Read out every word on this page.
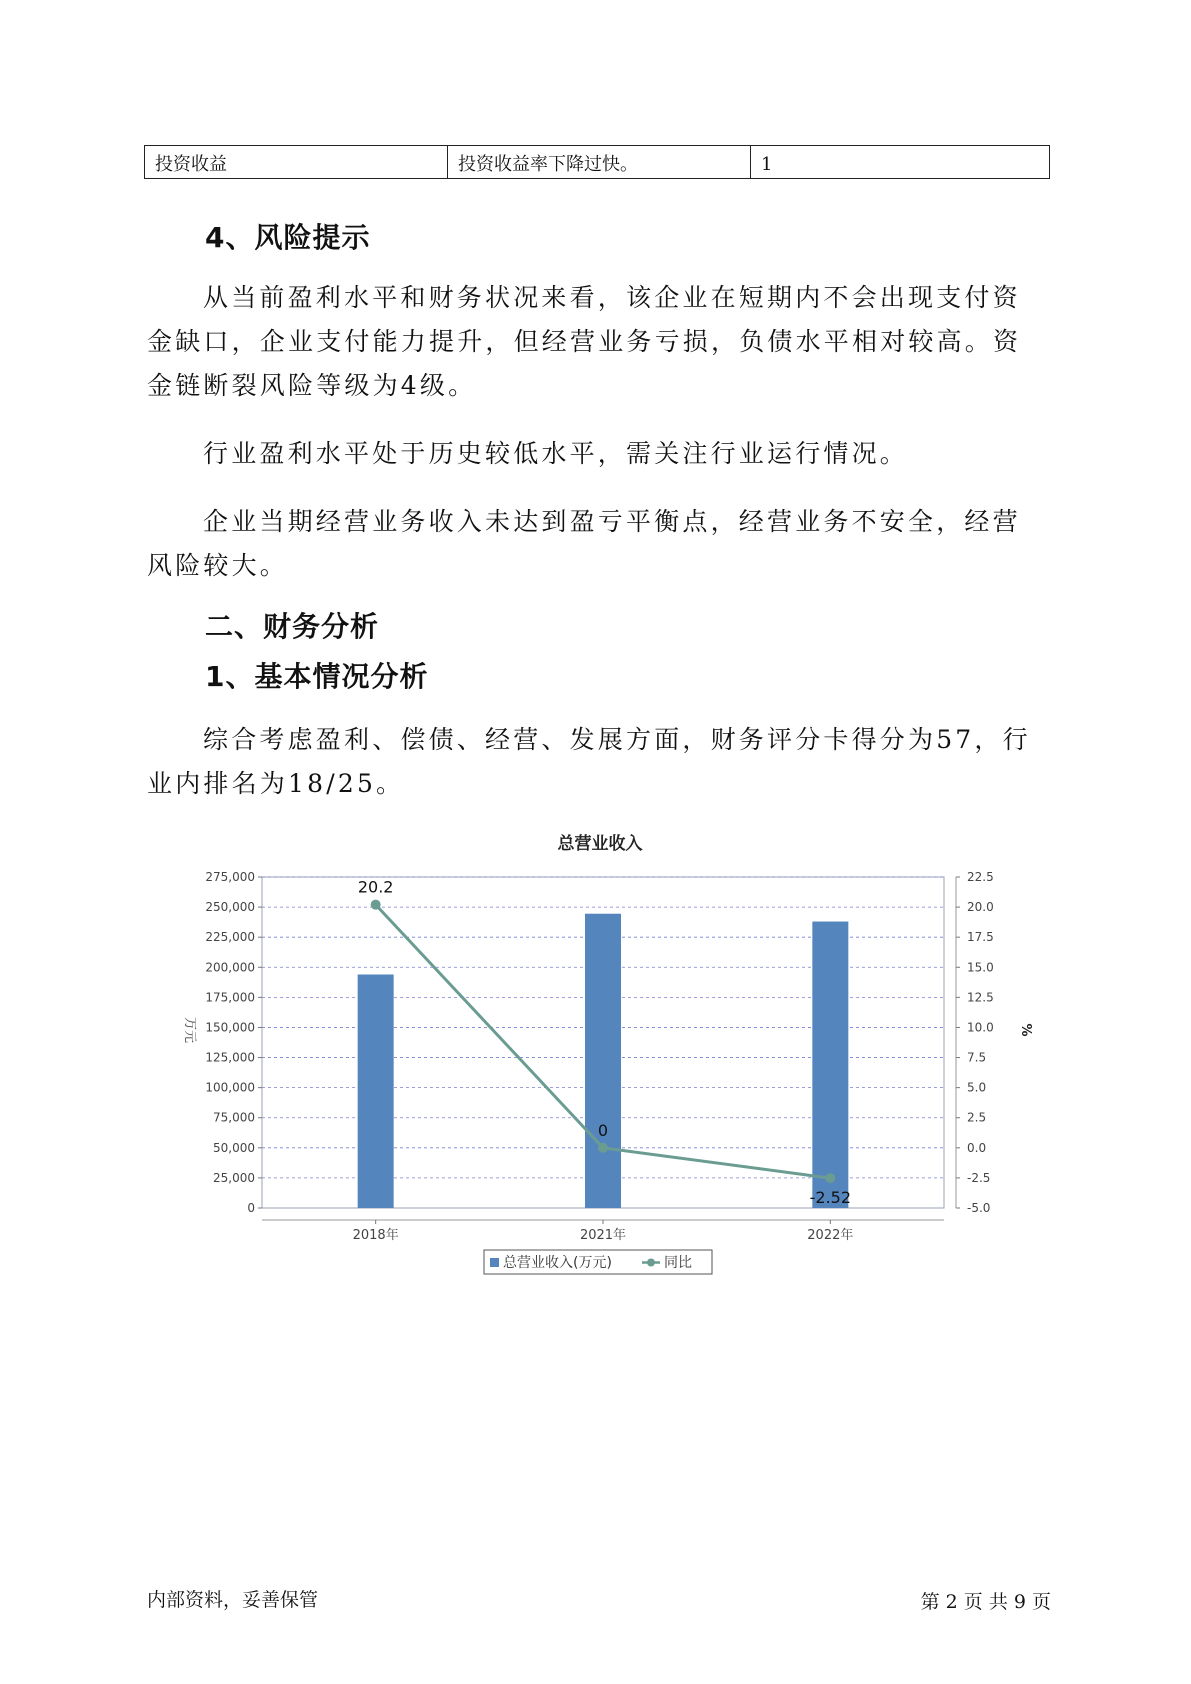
投资收益	投资收益率下降过快。	1
4、风险提示

从当前盈利水平和财务状况来看，该企业在短期内不会出现支付资金缺口，企业支付能力提升，但经营业务亏损，负债水平相对较高。资金链断裂风险等级为4级。

行业盈利水平处于历史较低水平，需关注行业运行情况。

企业当期经营业务收入未达到盈亏平衡点，经营业务不安全，经营风险较大。

二、财务分析
1、基本情况分析

综合考虑盈利、偿债、经营、发展方面，财务评分卡得分为57，行业内排名为18/25。

总营业收入
0
25,000
50,000
75,000
100,000
125,000
150,000
175,000
200,000
225,000
250,000
275,000
-5.0
-2.5
0.0
2.5
5.0
7.5
10.0
12.5
15.0
17.5
20.0
22.5
20.2
0
-2.52
2018年	2021年	2022年
万元	%
总营业收入(万元)	同比
内部资料，妥善保管	第 2 页 共 9 页
